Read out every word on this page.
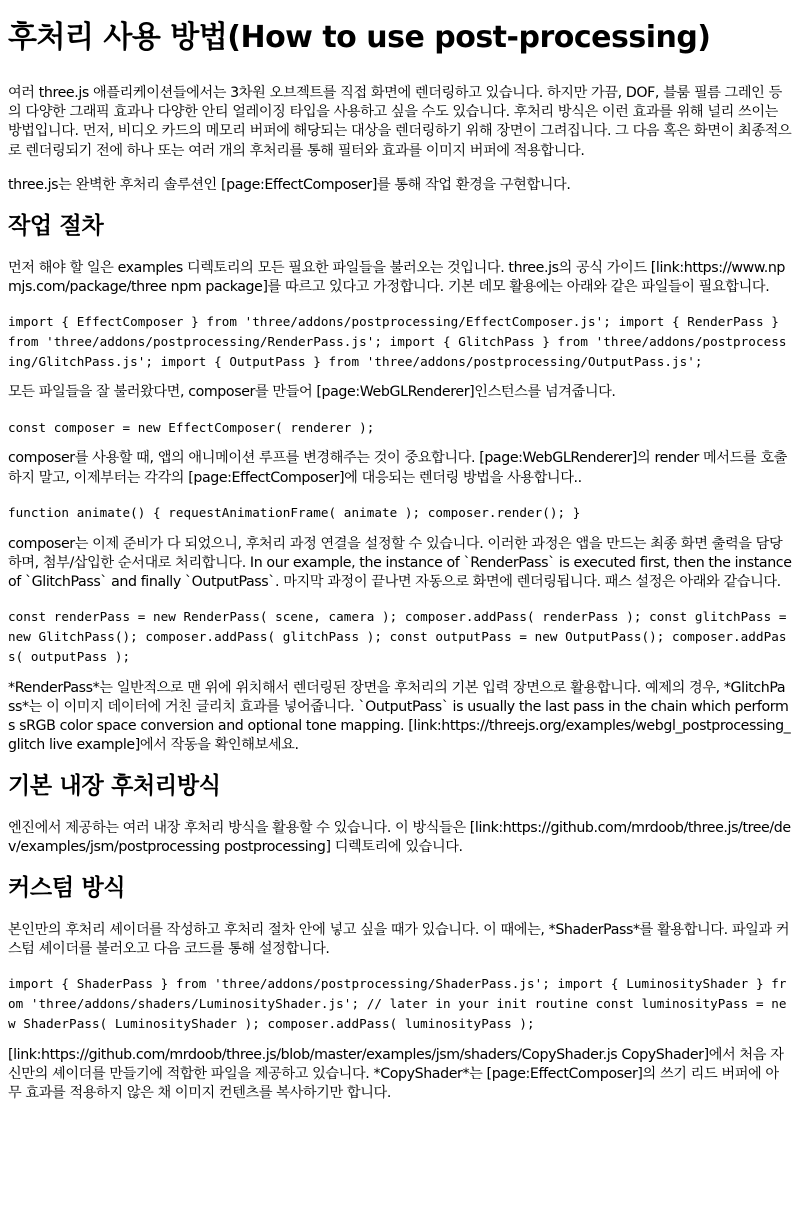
후처리 사용 방법(How to use post-processing)

여러 three.js 애플리케이션들에서는 3차원 오브젝트를 직접 화면에 렌더링하고 있습니다. 하지만 가끔, DOF, 블룸 필름 그레인 등의 다양한 그래픽 효과나 다양한 안티 얼레이징 타입을 사용하고 싶을 수도 있습니다. 후처리 방식은 이런 효과를 위해 널리 쓰이는 방법입니다. 먼저, 비디오 카드의 메모리 버퍼에 해당되는 대상을 렌더링하기 위해 장면이 그려집니다. 그 다음 혹은 화면이 최종적으로 렌더링되기 전에 하나 또는 여러 개의 후처리를 통해 필터와 효과를 이미지 버퍼에 적용합니다.

three.js는 완벽한 후처리 솔루션인 [page:EffectComposer]를 통해 작업 환경을 구현합니다.

작업 절차

먼저 해야 할 일은 examples 디렉토리의 모든 필요한 파일들을 불러오는 것입니다. three.js의 공식 가이드 [link:https://www.npmjs.com/package/three npm package]를 따르고 있다고 가정합니다. 기본 데모 활용에는 아래와 같은 파일들이 필요합니다.

import { EffectComposer } from 'three/addons/postprocessing/EffectComposer.js'; import { RenderPass } from 'three/addons/postprocessing/RenderPass.js'; import { GlitchPass } from 'three/addons/postprocessing/GlitchPass.js'; import { OutputPass } from 'three/addons/postprocessing/OutputPass.js';

모든 파일들을 잘 불러왔다면, composer를 만들어 [page:WebGLRenderer]인스턴스를 넘겨줍니다.

const composer = new EffectComposer( renderer );

composer를 사용할 때, 앱의 애니메이션 루프를 변경해주는 것이 중요합니다. [page:WebGLRenderer]의 render 메서드를 호출하지 말고, 이제부터는 각각의 [page:EffectComposer]에 대응되는 렌더링 방법을 사용합니다..

function animate() { requestAnimationFrame( animate ); composer.render(); }

composer는 이제 준비가 다 되었으니, 후처리 과정 연결을 설정할 수 있습니다. 이러한 과정은 앱을 만드는 최종 화면 출력을 담당하며, 첨부/삽입한 순서대로 처리합니다. In our example, the instance of `RenderPass` is executed first, then the instance of `GlitchPass` and finally `OutputPass`. 마지막 과정이 끝나면 자동으로 화면에 렌더링됩니다. 패스 설정은 아래와 같습니다.

const renderPass = new RenderPass( scene, camera ); composer.addPass( renderPass ); const glitchPass = new GlitchPass(); composer.addPass( glitchPass ); const outputPass = new OutputPass(); composer.addPass( outputPass );

*RenderPass*는 일반적으로 맨 위에 위치해서 렌더링된 장면을 후처리의 기본 입력 장면으로 활용합니다. 예제의 경우, *GlitchPass*는 이 이미지 데이터에 거친 글리치 효과를 넣어줍니다. `OutputPass` is usually the last pass in the chain which performs sRGB color space conversion and optional tone mapping. [link:https://threejs.org/examples/webgl_postprocessing_glitch live example]에서 작동을 확인해보세요.

기본 내장 후처리방식

엔진에서 제공하는 여러 내장 후처리 방식을 활용할 수 있습니다. 이 방식들은 [link:https://github.com/mrdoob/three.js/tree/dev/examples/jsm/postprocessing postprocessing] 디렉토리에 있습니다.

커스텀 방식

본인만의 후처리 셰이더를 작성하고 후처리 절차 안에 넣고 싶을 때가 있습니다. 이 때에는, *ShaderPass*를 활용합니다. 파일과 커스텀 셰이더를 불러오고 다음 코드를 통해 설정합니다.

import { ShaderPass } from 'three/addons/postprocessing/ShaderPass.js'; import { LuminosityShader } from 'three/addons/shaders/LuminosityShader.js'; // later in your init routine const luminosityPass = new ShaderPass( LuminosityShader ); composer.addPass( luminosityPass );

[link:https://github.com/mrdoob/three.js/blob/master/examples/jsm/shaders/CopyShader.js CopyShader]에서 처음 자신만의 셰이더를 만들기에 적합한 파일을 제공하고 있습니다. *CopyShader*는 [page:EffectComposer]의 쓰기 리드 버퍼에 아무 효과를 적용하지 않은 채 이미지 컨텐츠를 복사하기만 합니다.
